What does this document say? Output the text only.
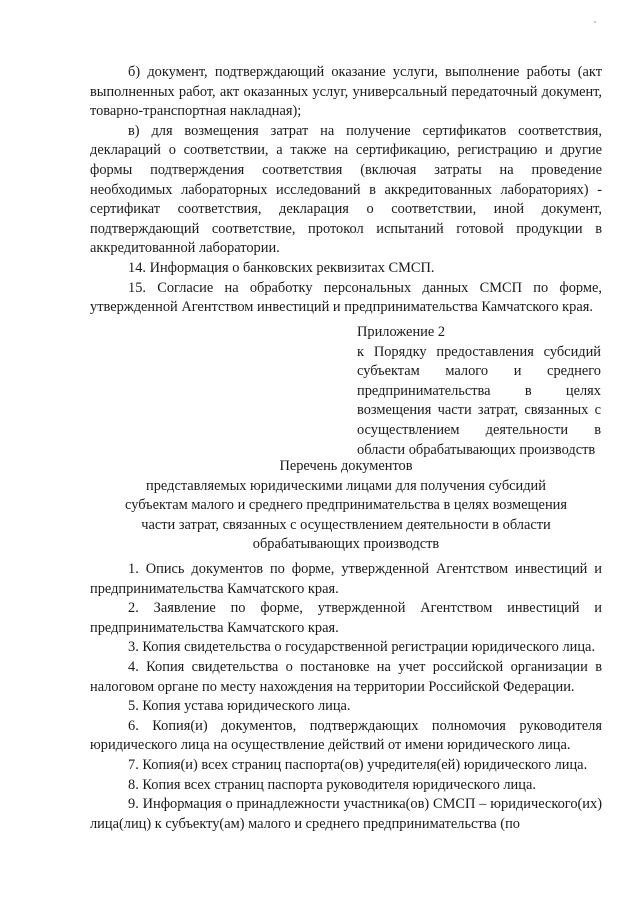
б) документ, подтверждающий оказание услуги, выполнение работы (акт выполненных работ, акт оказанных услуг, универсальный передаточный документ, товарно-транспортная накладная);

в) для возмещения затрат на получение сертификатов соответствия, деклараций о соответствии, а также на сертификацию, регистрацию и другие формы подтверждения соответствия (включая затраты на проведение необходимых лабораторных исследований в аккредитованных лабораториях) - сертификат соответствия, декларация о соответствии, иной документ, подтверждающий соответствие, протокол испытаний готовой продукции в аккредитованной лаборатории.

14. Информация о банковских реквизитах СМСП.

15. Согласие на обработку персональных данных СМСП по форме, утвержденной Агентством инвестиций и предпринимательства Камчатского края.

Приложение 2

к Порядку предоставления субсидий субъектам малого и среднего предпринимательства в целях возмещения части затрат, связанных с осуществлением деятельности в области обрабатывающих производств

Перечень документов

представляемых юридическими лицами для получения субсидий

субъектам малого и среднего предпринимательства в целях возмещения

части затрат, связанных с осуществлением деятельности в области

обрабатывающих производств

1. Опись документов по форме, утвержденной Агентством инвестиций и предпринимательства Камчатского края.

2. Заявление по форме, утвержденной Агентством инвестиций и предпринимательства Камчатского края.

3. Копия свидетельства о государственной регистрации юридического лица.

4. Копия свидетельства о постановке на учет российской организации в налоговом органе по месту нахождения на территории Российской Федерации.

5. Копия устава юридического лица.

6. Копия(и) документов, подтверждающих полномочия руководителя юридического лица на осуществление действий от имени юридического лица.

7. Копия(и) всех страниц паспорта(ов) учредителя(ей) юридического лица.

8. Копия всех страниц паспорта руководителя юридического лица.

9. Информация о принадлежности участника(ов) СМСП – юридического(их) лица(лиц) к субъекту(ам) малого и среднего предпринимательства (по
